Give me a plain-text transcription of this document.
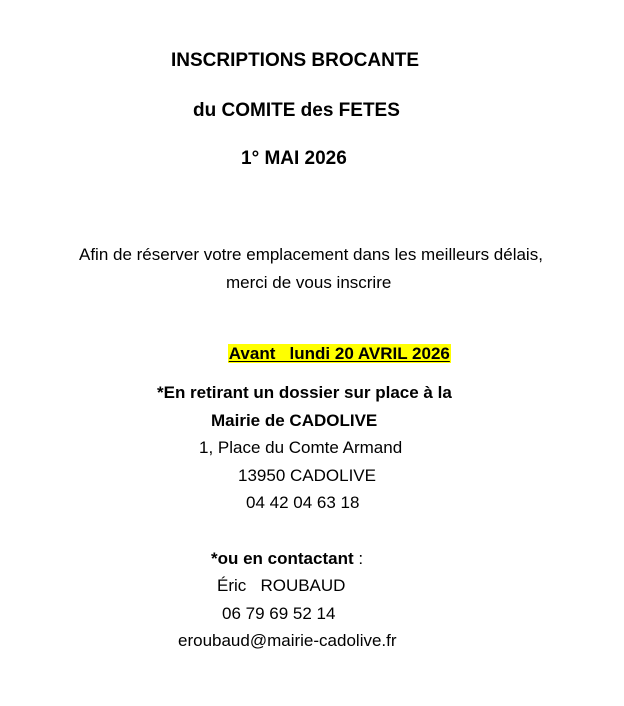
INSCRIPTIONS BROCANTE
du COMITE des FETES
1° MAI 2026
Afin de réserver votre emplacement dans les meilleurs délais,
merci de vous inscrire

Avant   lundi 20 AVRIL 2026

*En retirant un dossier sur place à la
Mairie de CADOLIVE
1, Place du Comte Armand
13950 CADOLIVE
04 42 04 63 18
*ou en contactant :
Éric   ROUBAUD
06 79 69 52 14
eroubaud@mairie-cadolive.fr
